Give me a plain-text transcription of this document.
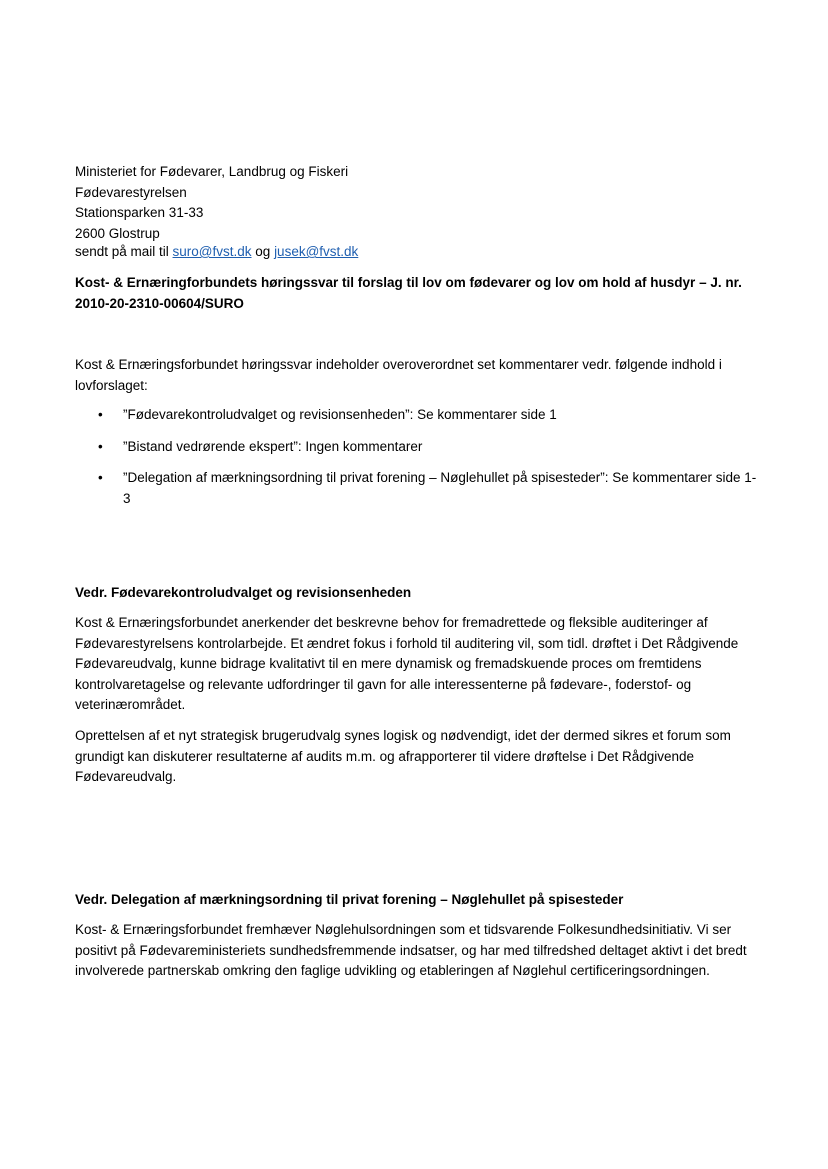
Ministeriet for Fødevarer, Landbrug og Fiskeri
Fødevarestyrelsen
Stationsparken 31-33
2600 Glostrup
sendt på mail til suro@fvst.dk og jusek@fvst.dk
Kost- & Ernæringforbundets høringssvar til forslag til lov om fødevarer og lov om hold af husdyr – J. nr. 2010-20-2310-00604/SURO
Kost & Ernæringsforbundet høringssvar indeholder overoverordnet set kommentarer vedr. følgende indhold i lovforslaget:
• ”Fødevarekontroludvalget og revisionsenheden”: Se kommentarer side 1
• ”Bistand vedrørende ekspert”: Ingen kommentarer
• ”Delegation af mærkningsordning til privat forening – Nøglehullet på spisesteder”: Se kommentarer side 1-3
Vedr. Fødevarekontroludvalget og revisionsenheden

Kost & Ernæringsforbundet anerkender det beskrevne behov for fremadrettede og fleksible auditeringer af Fødevarestyrelsens kontrolarbejde. Et ændret fokus i forhold til auditering vil, som tidl. drøftet i Det Rådgivende Fødevareudvalg, kunne bidrage kvalitativt til en mere dynamisk og fremadskuende proces om fremtidens kontrolvaretagelse og relevante udfordringer til gavn for alle interessenterne på fødevare-, foderstof- og veterinærområdet.

Oprettelsen af et nyt strategisk brugerudvalg synes logisk og nødvendigt, idet der dermed sikres et forum som grundigt kan diskuterer resultaterne af audits m.m. og afrapporterer til videre drøftelse i Det Rådgivende Fødevareudvalg.

Vedr. Delegation af mærkningsordning til privat forening – Nøglehullet på spisesteder

Kost- & Ernæringsforbundet fremhæver Nøglehulsordningen som et tidsvarende Folkesundhedsinitiativ. Vi ser positivt på Fødevareministeriets sundhedsfremmende indsatser, og har med tilfredshed deltaget aktivt i det bredt involverede partnerskab omkring den faglige udvikling og etableringen af Nøglehul certificeringsordningen.
